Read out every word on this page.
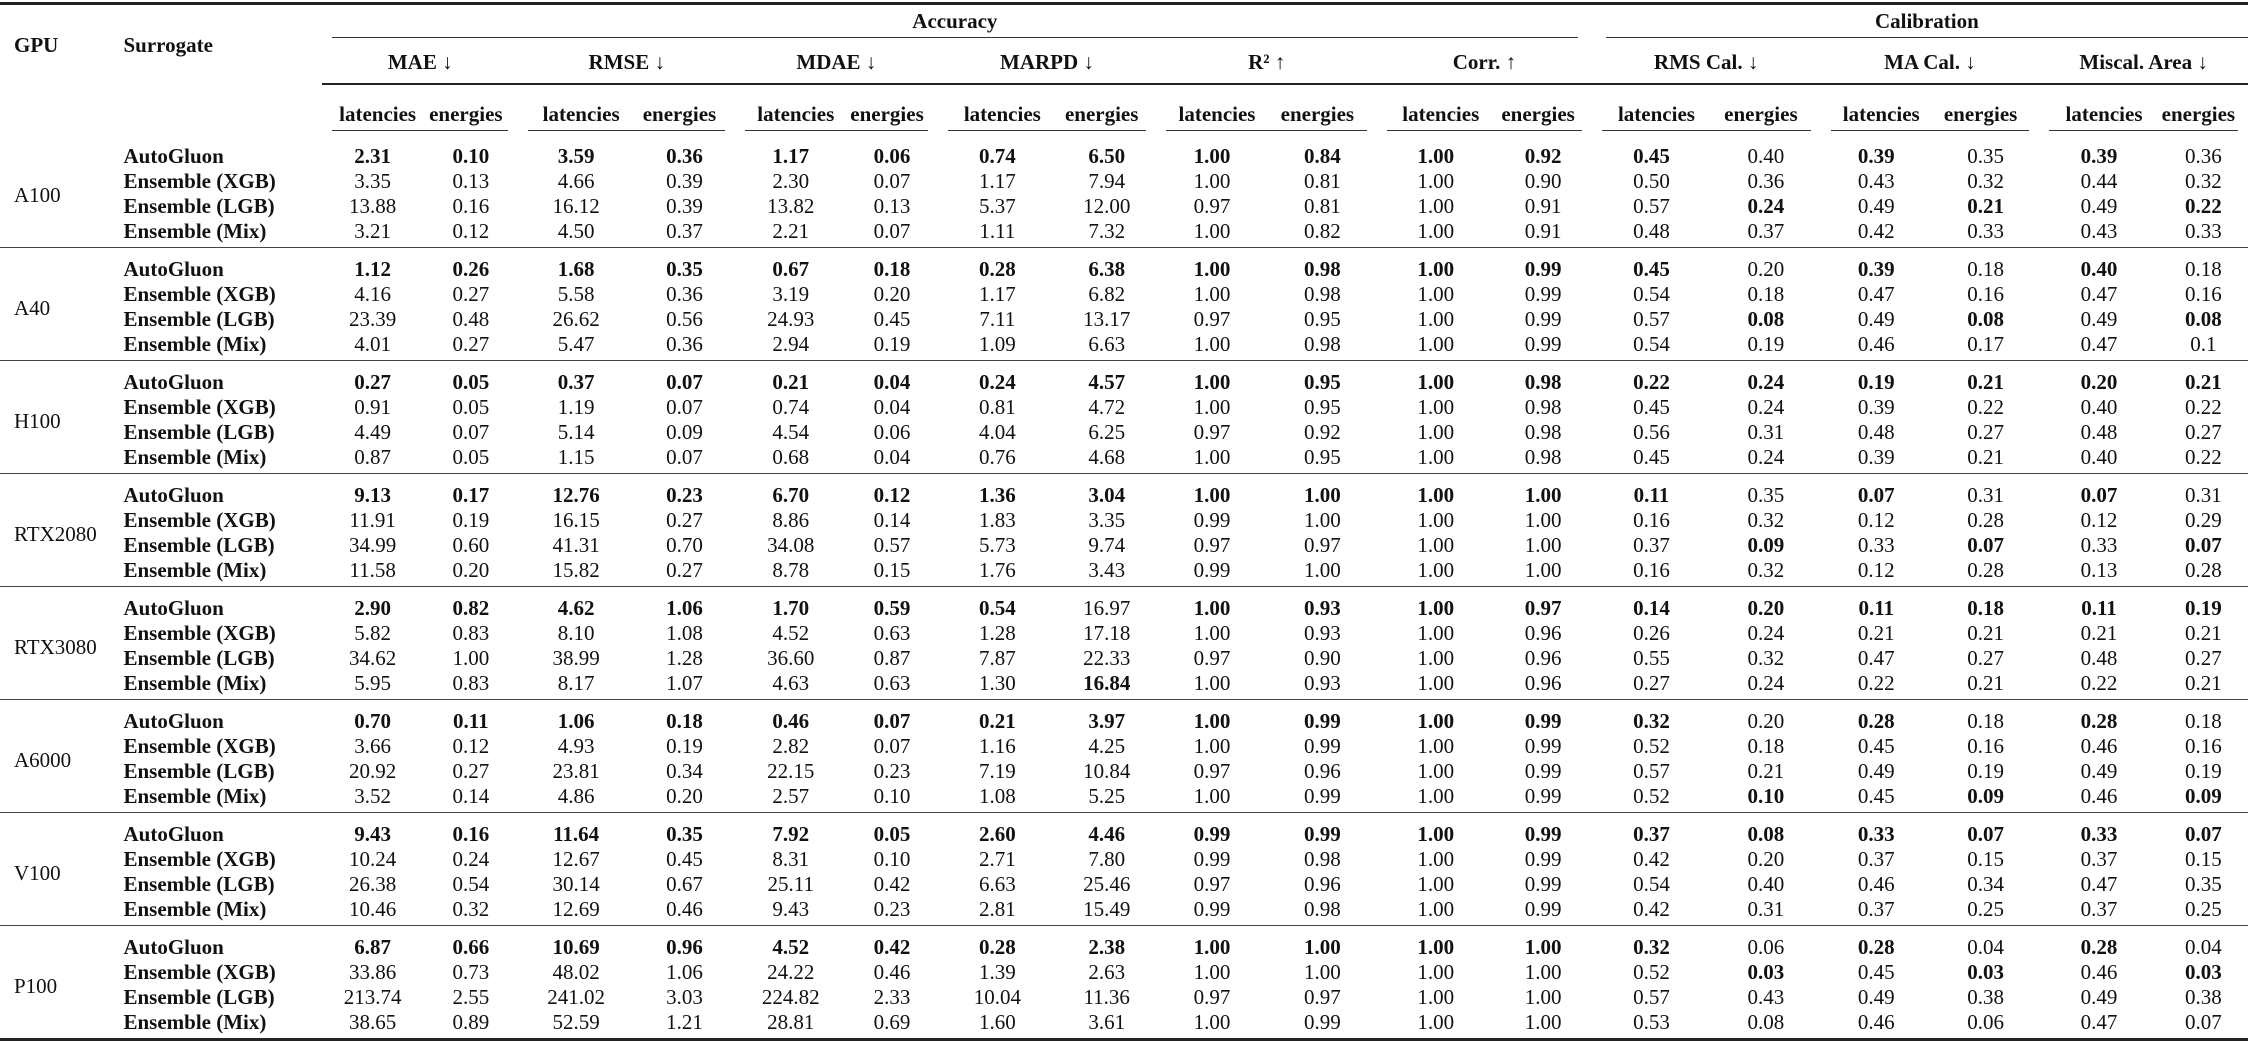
GPU	Surrogate	Accuracy												Calibration					

		MAE ↓		RMSE ↓		MDAE ↓		MARPD ↓		R² ↑		Corr. ↑		RMS Cal. ↓		MA Cal. ↓		Miscal. Area ↓	

		latencies	energies	latencies	energies	latencies	energies	latencies	energies	latencies	energies	latencies	energies	latencies	energies	latencies	energies	latencies	energies

A100	AutoGluon	2.31	0.10	3.59	0.36	1.17	0.06	0.74	6.50	1.00	0.84	1.00	0.92	0.45	0.40	0.39	0.35	0.39	0.36
	Ensemble (XGB)	3.35	0.13	4.66	0.39	2.30	0.07	1.17	7.94	1.00	0.81	1.00	0.90	0.50	0.36	0.43	0.32	0.44	0.32
	Ensemble (LGB)	13.88	0.16	16.12	0.39	13.82	0.13	5.37	12.00	0.97	0.81	1.00	0.91	0.57	0.24	0.49	0.21	0.49	0.22
	Ensemble (Mix)	3.21	0.12	4.50	0.37	2.21	0.07	1.11	7.32	1.00	0.82	1.00	0.91	0.48	0.37	0.42	0.33	0.43	0.33
A40	AutoGluon	1.12	0.26	1.68	0.35	0.67	0.18	0.28	6.38	1.00	0.98	1.00	0.99	0.45	0.20	0.39	0.18	0.40	0.18
	Ensemble (XGB)	4.16	0.27	5.58	0.36	3.19	0.20	1.17	6.82	1.00	0.98	1.00	0.99	0.54	0.18	0.47	0.16	0.47	0.16
	Ensemble (LGB)	23.39	0.48	26.62	0.56	24.93	0.45	7.11	13.17	0.97	0.95	1.00	0.99	0.57	0.08	0.49	0.08	0.49	0.08
	Ensemble (Mix)	4.01	0.27	5.47	0.36	2.94	0.19	1.09	6.63	1.00	0.98	1.00	0.99	0.54	0.19	0.46	0.17	0.47	0.1
H100	AutoGluon	0.27	0.05	0.37	0.07	0.21	0.04	0.24	4.57	1.00	0.95	1.00	0.98	0.22	0.24	0.19	0.21	0.20	0.21
	Ensemble (XGB)	0.91	0.05	1.19	0.07	0.74	0.04	0.81	4.72	1.00	0.95	1.00	0.98	0.45	0.24	0.39	0.22	0.40	0.22
	Ensemble (LGB)	4.49	0.07	5.14	0.09	4.54	0.06	4.04	6.25	0.97	0.92	1.00	0.98	0.56	0.31	0.48	0.27	0.48	0.27
	Ensemble (Mix)	0.87	0.05	1.15	0.07	0.68	0.04	0.76	4.68	1.00	0.95	1.00	0.98	0.45	0.24	0.39	0.21	0.40	0.22
RTX2080	AutoGluon	9.13	0.17	12.76	0.23	6.70	0.12	1.36	3.04	1.00	1.00	1.00	1.00	0.11	0.35	0.07	0.31	0.07	0.31
	Ensemble (XGB)	11.91	0.19	16.15	0.27	8.86	0.14	1.83	3.35	0.99	1.00	1.00	1.00	0.16	0.32	0.12	0.28	0.12	0.29
	Ensemble (LGB)	34.99	0.60	41.31	0.70	34.08	0.57	5.73	9.74	0.97	0.97	1.00	1.00	0.37	0.09	0.33	0.07	0.33	0.07
	Ensemble (Mix)	11.58	0.20	15.82	0.27	8.78	0.15	1.76	3.43	0.99	1.00	1.00	1.00	0.16	0.32	0.12	0.28	0.13	0.28
RTX3080	AutoGluon	2.90	0.82	4.62	1.06	1.70	0.59	0.54	16.97	1.00	0.93	1.00	0.97	0.14	0.20	0.11	0.18	0.11	0.19
	Ensemble (XGB)	5.82	0.83	8.10	1.08	4.52	0.63	1.28	17.18	1.00	0.93	1.00	0.96	0.26	0.24	0.21	0.21	0.21	0.21
	Ensemble (LGB)	34.62	1.00	38.99	1.28	36.60	0.87	7.87	22.33	0.97	0.90	1.00	0.96	0.55	0.32	0.47	0.27	0.48	0.27
	Ensemble (Mix)	5.95	0.83	8.17	1.07	4.63	0.63	1.30	16.84	1.00	0.93	1.00	0.96	0.27	0.24	0.22	0.21	0.22	0.21
A6000	AutoGluon	0.70	0.11	1.06	0.18	0.46	0.07	0.21	3.97	1.00	0.99	1.00	0.99	0.32	0.20	0.28	0.18	0.28	0.18
	Ensemble (XGB)	3.66	0.12	4.93	0.19	2.82	0.07	1.16	4.25	1.00	0.99	1.00	0.99	0.52	0.18	0.45	0.16	0.46	0.16
	Ensemble (LGB)	20.92	0.27	23.81	0.34	22.15	0.23	7.19	10.84	0.97	0.96	1.00	0.99	0.57	0.21	0.49	0.19	0.49	0.19
	Ensemble (Mix)	3.52	0.14	4.86	0.20	2.57	0.10	1.08	5.25	1.00	0.99	1.00	0.99	0.52	0.10	0.45	0.09	0.46	0.09
V100	AutoGluon	9.43	0.16	11.64	0.35	7.92	0.05	2.60	4.46	0.99	0.99	1.00	0.99	0.37	0.08	0.33	0.07	0.33	0.07
	Ensemble (XGB)	10.24	0.24	12.67	0.45	8.31	0.10	2.71	7.80	0.99	0.98	1.00	0.99	0.42	0.20	0.37	0.15	0.37	0.15
	Ensemble (LGB)	26.38	0.54	30.14	0.67	25.11	0.42	6.63	25.46	0.97	0.96	1.00	0.99	0.54	0.40	0.46	0.34	0.47	0.35
	Ensemble (Mix)	10.46	0.32	12.69	0.46	9.43	0.23	2.81	15.49	0.99	0.98	1.00	0.99	0.42	0.31	0.37	0.25	0.37	0.25
P100	AutoGluon	6.87	0.66	10.69	0.96	4.52	0.42	0.28	2.38	1.00	1.00	1.00	1.00	0.32	0.06	0.28	0.04	0.28	0.04
	Ensemble (XGB)	33.86	0.73	48.02	1.06	24.22	0.46	1.39	2.63	1.00	1.00	1.00	1.00	0.52	0.03	0.45	0.03	0.46	0.03
	Ensemble (LGB)	213.74	2.55	241.02	3.03	224.82	2.33	10.04	11.36	0.97	0.97	1.00	1.00	0.57	0.43	0.49	0.38	0.49	0.38
	Ensemble (Mix)	38.65	0.89	52.59	1.21	28.81	0.69	1.60	3.61	1.00	0.99	1.00	1.00	0.53	0.08	0.46	0.06	0.47	0.07
